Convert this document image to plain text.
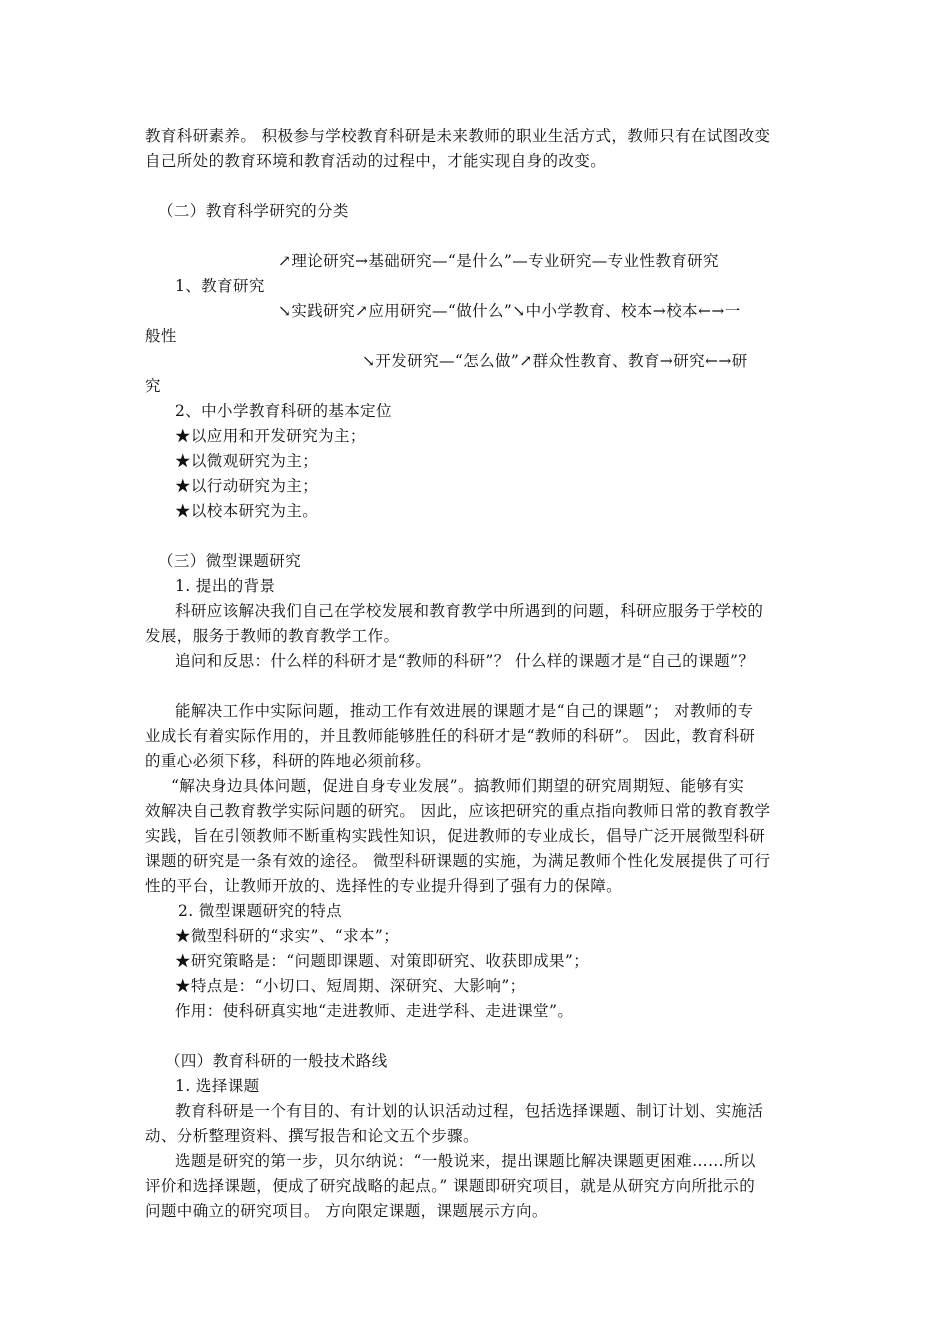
教育科研素养。 积极参与学校教育科研是未来教师的职业生活方式，教师只有在试图改变
自己所处的教育环境和教育活动的过程中，才能实现自身的改变。
（二）教育科学研究的分类
↗理论研究→基础研究—“是什么”—专业研究—专业性教育研究
1、教育研究
↘实践研究↗应用研究—“做什么”↘中小学教育、校本→校本←→一
般性
↘开发研究—“怎么做”↗群众性教育、教育→研究←→研
究
2、中小学教育科研的基本定位
★以应用和开发研究为主；
★以微观研究为主；
★以行动研究为主；
★以校本研究为主。
（三）微型课题研究
1. 提出的背景
科研应该解决我们自己在学校发展和教育教学中所遇到的问题，科研应服务于学校的
发展，服务于教师的教育教学工作。
追问和反思：什么样的科研才是“教师的科研”？ 什么样的课题才是“自己的课题”？
能解决工作中实际问题，推动工作有效进展的课题才是“自己的课题”； 对教师的专
业成长有着实际作用的，并且教师能够胜任的科研才是“教师的科研”。 因此，教育科研
的重心必须下移，科研的阵地必须前移。
“解决身边具体问题，促进自身专业发展”。搞教师们期望的研究周期短、能够有实
效解决自己教育教学实际问题的研究。 因此，应该把研究的重点指向教师日常的教育教学
实践，旨在引领教师不断重构实践性知识，促进教师的专业成长，倡导广泛开展微型科研
课题的研究是一条有效的途径。 微型科研课题的实施，为满足教师个性化发展提供了可行
性的平台，让教师开放的、选择性的专业提升得到了强有力的保障。
2. 微型课题研究的特点
★微型科研的“求实”、“求本”；
★研究策略是：“问题即课题、对策即研究、收获即成果”；
★特点是：“小切口、短周期、深研究、大影响”；
作用：使科研真实地“走进教师、走进学科、走进课堂”。
（四）教育科研的一般技术路线
1. 选择课题
教育科研是一个有目的、有计划的认识活动过程，包括选择课题、制订计划、实施活
动、分析整理资料、撰写报告和论文五个步骤。
选题是研究的第一步，贝尔纳说：“一般说来，提出课题比解决课题更困难……所以
评价和选择课题，便成了研究战略的起点。” 课题即研究项目，就是从研究方向所批示的
问题中确立的研究项目。 方向限定课题，课题展示方向。
